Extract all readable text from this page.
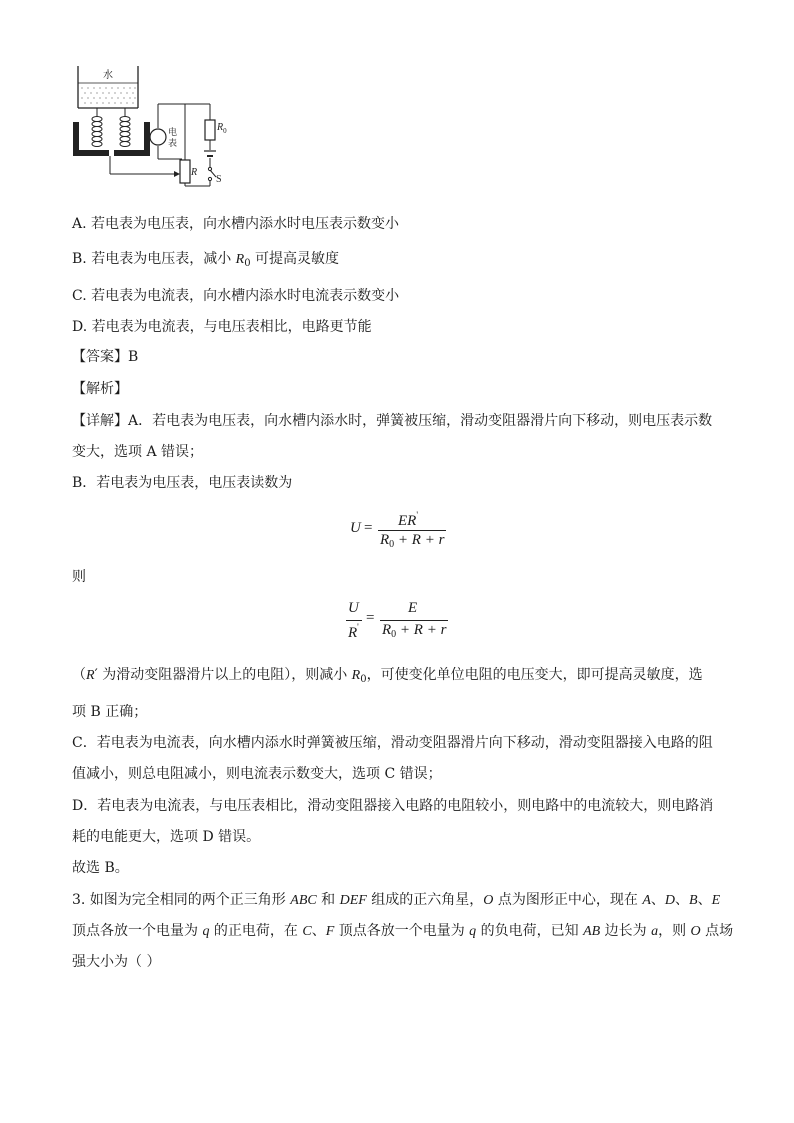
水
电
表
R
$R_0$
S
A. 若电表为电压表，向水槽内添水时电压表示数变小
B. 若电表为电压表，减小 $R_0$ 可提高灵敏度
C. 若电表为电流表，向水槽内添水时电流表示数变小
D. 若电表为电流表，与电压表相比，电路更节能
【答案】B
【解析】
【详解】A．若电表为电压表，向水槽内添水时，弹簧被压缩，滑动变阻器滑片向下移动，则电压表示数
变大，选项 A 错误；
B．若电表为电压表，电压表读数为
U = ER'
$R_0 + R + r$
则
U
R'
=
E
$R_0 + R + r$
（R′ 为滑动变阻器滑片以上的电阻），则减小 $R_0$，可使变化单位电阻的电压变大，即可提高灵敏度，选
项 B 正确；
C．若电表为电流表，向水槽内添水时弹簧被压缩，滑动变阻器滑片向下移动，滑动变阻器接入电路的阻
值减小，则总电阻减小，则电流表示数变大，选项 C 错误；
D．若电表为电流表，与电压表相比，滑动变阻器接入电路的电阻较小，则电路中的电流较大，则电路消
耗的电能更大，选项 D 错误。
故选 B。
3. 如图为完全相同的两个正三角形 ABC 和 DEF 组成的正六角星，O 点为图形正中心，现在 A、D、B、E
顶点各放一个电量为 q 的正电荷，在 C、F 顶点各放一个电量为 q 的负电荷，已知 AB 边长为 a，则 O 点场
强大小为（ ）
